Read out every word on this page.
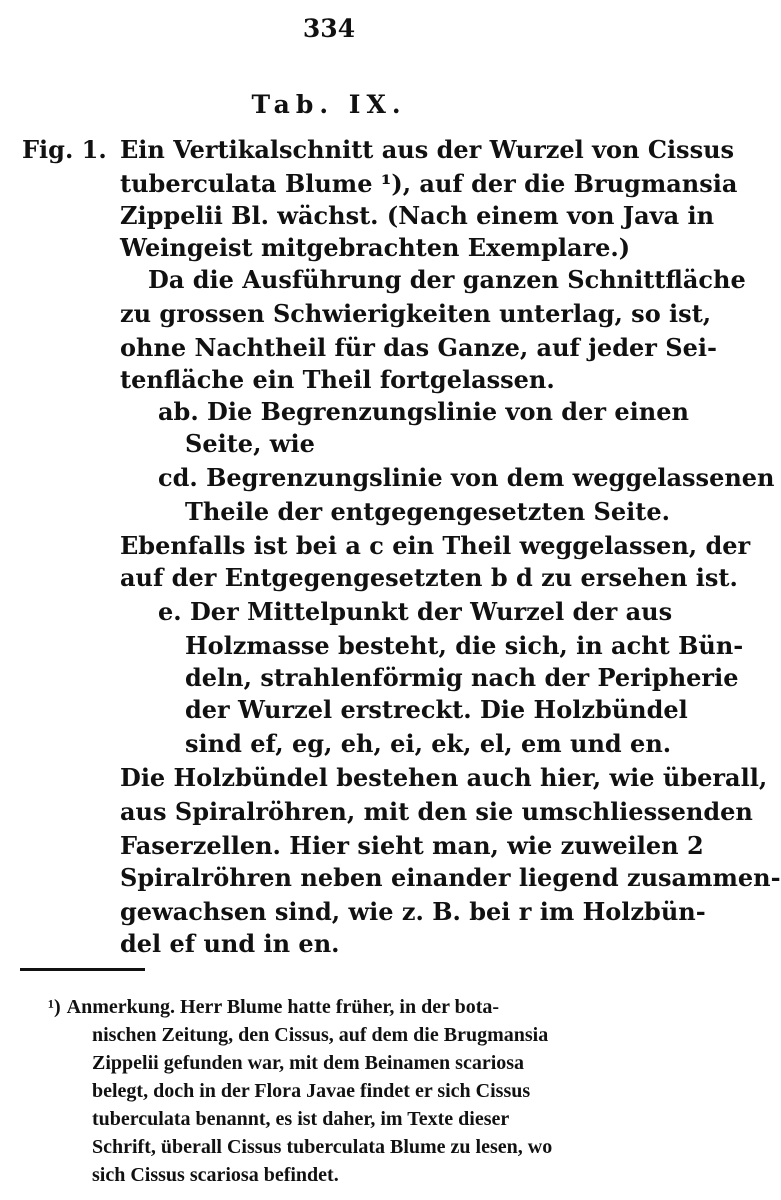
334
Tab. IX.
Fig. 1. Ein Vertikalschnitt aus der Wurzel von Cissus
tuberculata Blume ¹), auf der die Brugmansia
Zippelii Bl. wächst. (Nach einem von Java in
Weingeist mitgebrachten Exemplare.)
Da die Ausführung der ganzen Schnittfläche
zu grossen Schwierigkeiten unterlag, so ist,
ohne Nachtheil für das Ganze, auf jeder Sei-
tenfläche ein Theil fortgelassen.
ab. Die Begrenzungslinie von der einen
Seite, wie
cd. Begrenzungslinie von dem weggelassenen
Theile der entgegengesetzten Seite.
Ebenfalls ist bei a c ein Theil weggelassen, der
auf der Entgegengesetzten b d zu ersehen ist.
e. Der Mittelpunkt der Wurzel der aus
Holzmasse besteht, die sich, in acht Bün-
deln, strahlenförmig nach der Peripherie
der Wurzel erstreckt. Die Holzbündel
sind ef, eg, eh, ei, ek, el, em und en.
Die Holzbündel bestehen auch hier, wie überall,
aus Spiralröhren, mit den sie umschliessenden
Faserzellen. Hier sieht man, wie zuweilen 2
Spiralröhren neben einander liegend zusammen-
gewachsen sind, wie z. B. bei r im Holzbün-
del ef und in en.
¹) Anmerkung. Herr Blume hatte früher, in der bota-
nischen Zeitung, den Cissus, auf dem die Brugmansia
Zippelii gefunden war, mit dem Beinamen scariosa
belegt, doch in der Flora Javae findet er sich Cissus
tuberculata benannt, es ist daher, im Texte dieser
Schrift, überall Cissus tuberculata Blume zu lesen, wo
sich Cissus scariosa befindet.
